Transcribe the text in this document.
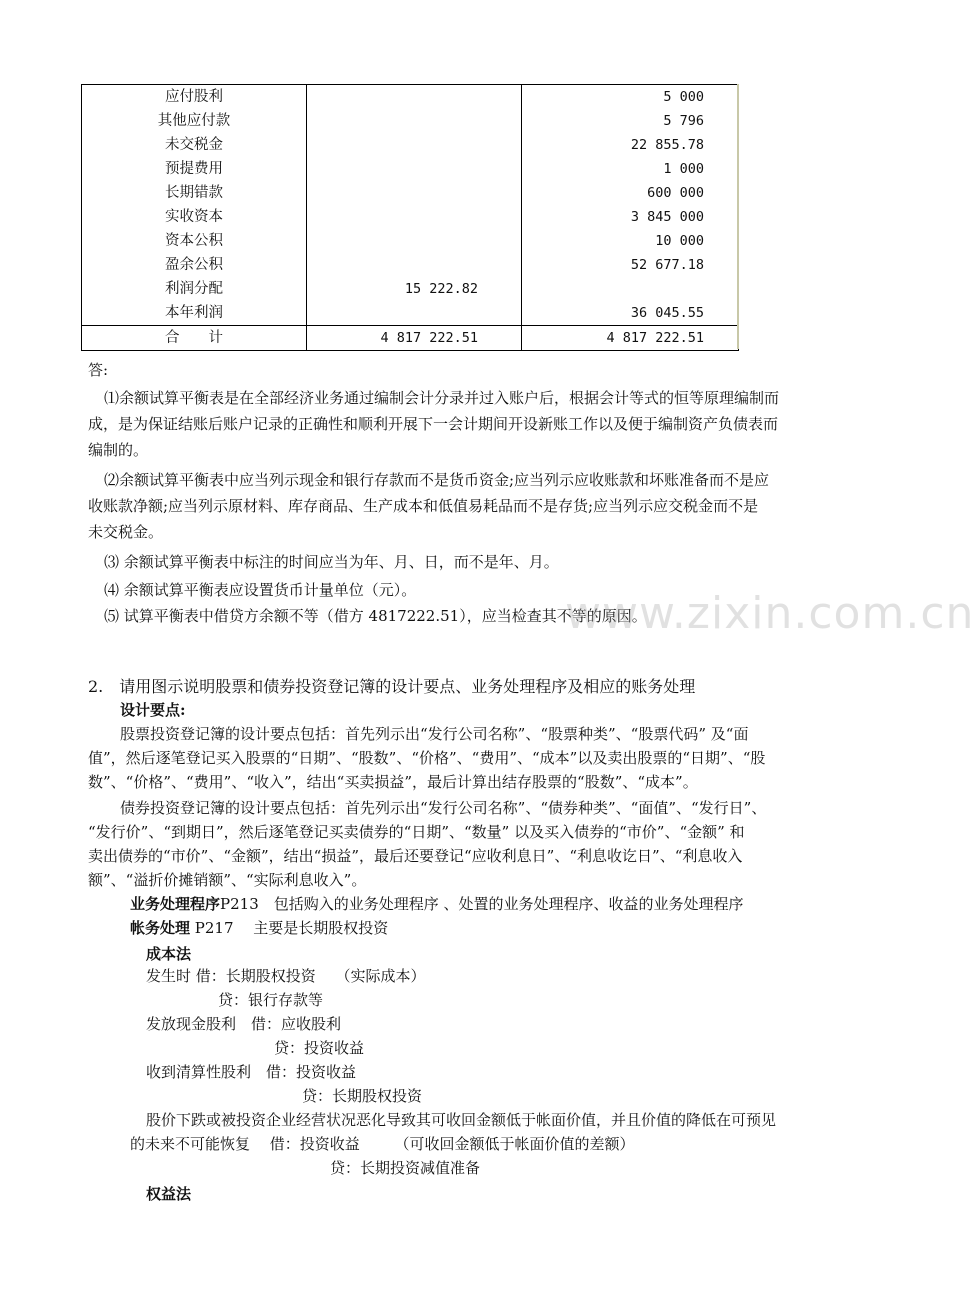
应付股利		5 000
其他应付款		5 796
未交税金		22 855.78
预提费用		1 000
长期错款		600 000
实收资本		3 845 000
资本公积		10 000
盈余公积		52 677.18
利润分配	15 222.82	
本年利润		36 045.55
合　　计	4 817 222.51	4 817 222.51

答:

⑴余额试算平衡表是在全部经济业务通过编制会计分录并过入账户后，根据会计等式的恒等原理编制而

成，是为保证结账后账户记录的正确性和顺利开展下一会计期间开设新账工作以及便于编制资产负债表而

编制的。

⑵余额试算平衡表中应当列示现金和银行存款而不是货币资金;应当列示应收账款和坏账准备而不是应

收账款净额;应当列示原材料、库存商品、生产成本和低值易耗品而不是存货;应当列示应交税金而不是

未交税金。

⑶ 余额试算平衡表中标注的时间应当为年、月、日，而不是年、月。

⑷ 余额试算平衡表应设置货币计量单位（元）。

⑸ 试算平衡表中借贷方余额不等（借方 4817222.51），应当检查其不等的原因。

www.zixin.com.cn

2.　请用图示说明股票和债券投资登记簿的设计要点、业务处理程序及相应的账务处理

设计要点:

股票投资登记簿的设计要点包括：首先列示出“发行公司名称”、“股票种类”、“股票代码” 及“面

值”，然后逐笔登记买入股票的“日期”、“股数”、“价格”、“费用”、“成本”以及卖出股票的“日期”、“股

数”、“价格”、“费用”、“收入”，结出“买卖损益”，最后计算出结存股票的“股数”、“成本”。

债券投资登记簿的设计要点包括：首先列示出“发行公司名称”、“债券种类”、“面值”、“发行日”、

“发行价”、“到期日”，然后逐笔登记买卖债券的“日期”、“数量” 以及买入债券的“市价”、“金额” 和

卖出债券的“市价”、“金额”，结出“损益”，最后还要登记“应收利息日”、“利息收讫日”、“利息收入

额”、“溢折价摊销额”、“实际利息收入”。

业务处理程序P213　包括购入的业务处理程序 、处置的业务处理程序、收益的业务处理程序

帐务处理 P217　 主要是长期股权投资

成本法

发生时 借：长期股权投资　 （实际成本）

贷：银行存款等

发放现金股利　借：应收股利

贷：投资收益

收到清算性股利　借：投资收益

贷：长期股权投资

股价下跌或被投资企业经营状况恶化导致其可收回金额低于帐面价值，并且价值的降低在可预见

的未来不可能恢复　 借：投资收益　　 （可收回金额低于帐面价值的差额）

贷：长期投资减值准备

权益法
